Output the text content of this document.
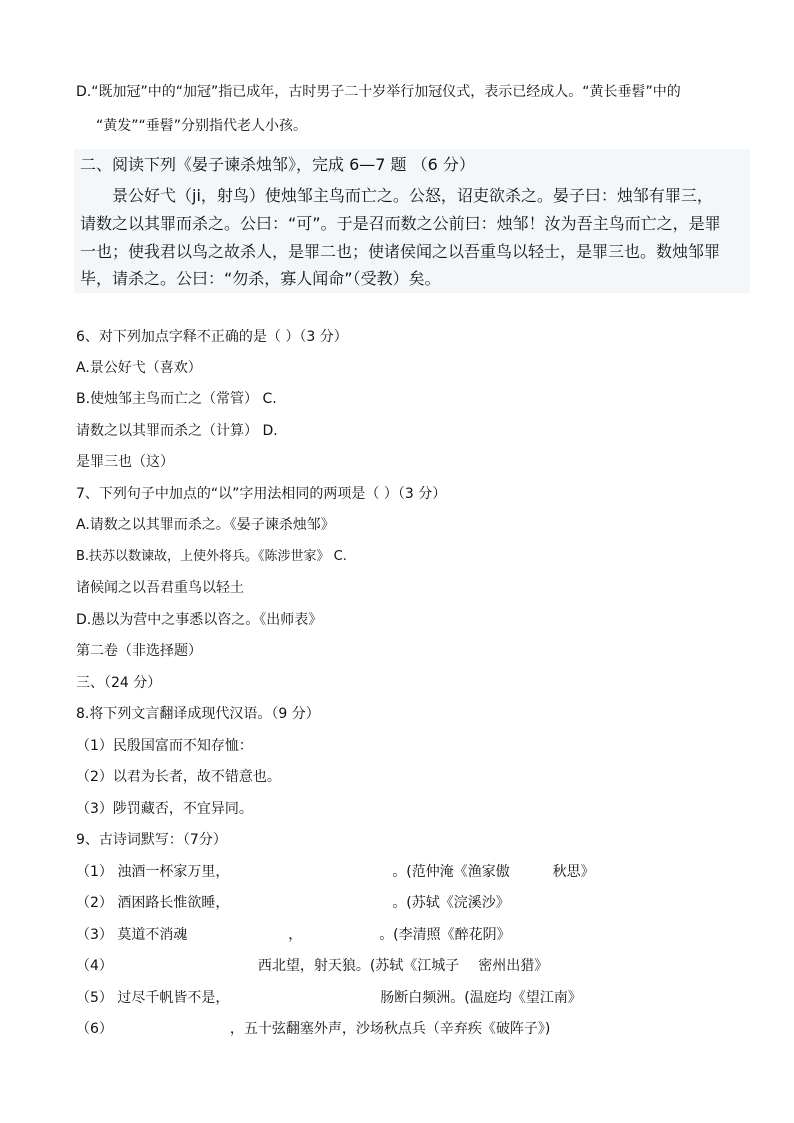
D.“既加冠”中的“加冠”指已成年，古时男子二十岁举行加冠仪式，表示已经成人。“黄长垂髫”中的
“黄发”“垂髫”分别指代老人小孩。
二、阅读下列《晏子谏杀烛邹》，完成 6—7 题 （6 分）
景公好弋（ji，射鸟）使烛邹主鸟而亡之。公怒，诏吏欲杀之。晏子曰：烛邹有罪三，
请数之以其罪而杀之。公曰：“可”。于是召而数之公前曰：烛邹！汝为吾主鸟而亡之，是罪
一也；使我君以鸟之故杀人，是罪二也；使诸侯闻之以吾重鸟以轻士，是罪三也。数烛邹罪
毕，请杀之。公曰：“勿杀，寡人闻命”（受教）矣。
6、对下列加点字释不正确的是（ ）（3 分）
A.景公好弋（喜欢）
B.使烛邹主鸟而亡之（常管） C.
请数之以其罪而杀之（计算） D.
是罪三也（这）
7、下列句子中加点的“以”字用法相同的两项是（ ）（3 分）
A.请数之以其罪而杀之。《晏子谏杀烛邹》
B.扶苏以数谏故，上使外将兵。《陈涉世家》 C.
诸候闻之以吾君重鸟以轻土
D.愚以为营中之事悉以咨之。《出师表》
第二卷（非选择题）
三、（24 分）
8.将下列文言翻译成现代汉语。（9 分）
（1）民殷国富而不知存恤：
（2）以君为长者，故不错意也。
（3）陟罚藏否，不宜异同。
9、古诗词默写：（7分）
（1） 浊酒一杯家万里，	。(范仲淹《渔家傲	秋思》
（2） 酒困路长惟欲睡，	。(苏轼《浣溪沙》
（3） 莫道不消魂	，	。(李清照《醉花阴》
（4）	西北望，射天狼。(苏轼《江城子 密州出猎》
（5） 过尽千帆皆不是，	肠断白频洲。(温庭均《望江南》
（6）	，五十弦翻塞外声，沙场秋点兵（辛弃疾《破阵子》)
